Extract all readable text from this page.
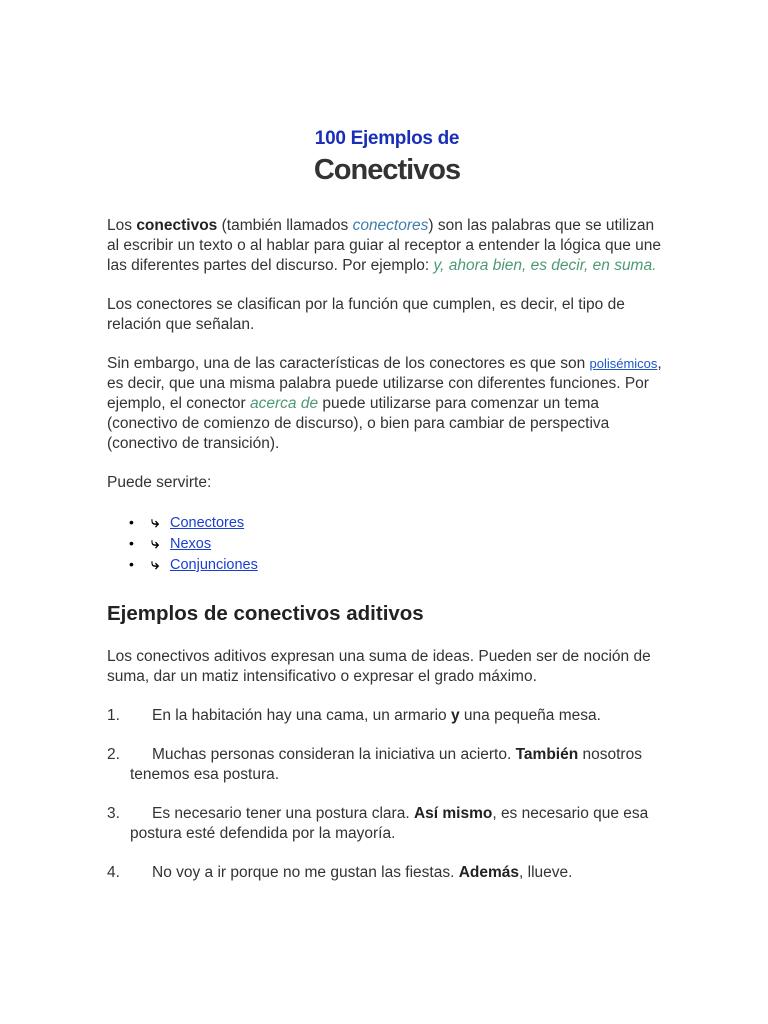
100 Ejemplos de
Conectivos

Los conectivos (también llamados conectores) son las palabras que se utilizan al escribir un texto o al hablar para guiar al receptor a entender la lógica que une las diferentes partes del discurso. Por ejemplo: y, ahora bien, es decir, en suma.

Los conectores se clasifican por la función que cumplen, es decir, el tipo de relación que señalan.

Sin embargo, una de las características de los conectores es que son polisémicos, es decir, que una misma palabra puede utilizarse con diferentes funciones. Por ejemplo, el conector acerca de puede utilizarse para comenzar un tema (conectivo de comienzo de discurso), o bien para cambiar de perspectiva (conectivo de transición).

Puede servirte:

• ⤷ Conectores
• ⤷ Nexos
• ⤷ Conjunciones
Ejemplos de conectivos aditivos

Los conectivos aditivos expresan una suma de ideas. Pueden ser de noción de suma, dar un matiz intensificativo o expresar el grado máximo.

1.	En la habitación hay una cama, un armario y una pequeña mesa.
2.	Muchas personas consideran la iniciativa un acierto. También nosotros tenemos esa postura.
3.	Es necesario tener una postura clara. Así mismo, es necesario que esa postura esté defendida por la mayoría.
4.	No voy a ir porque no me gustan las fiestas. Además, llueve.
